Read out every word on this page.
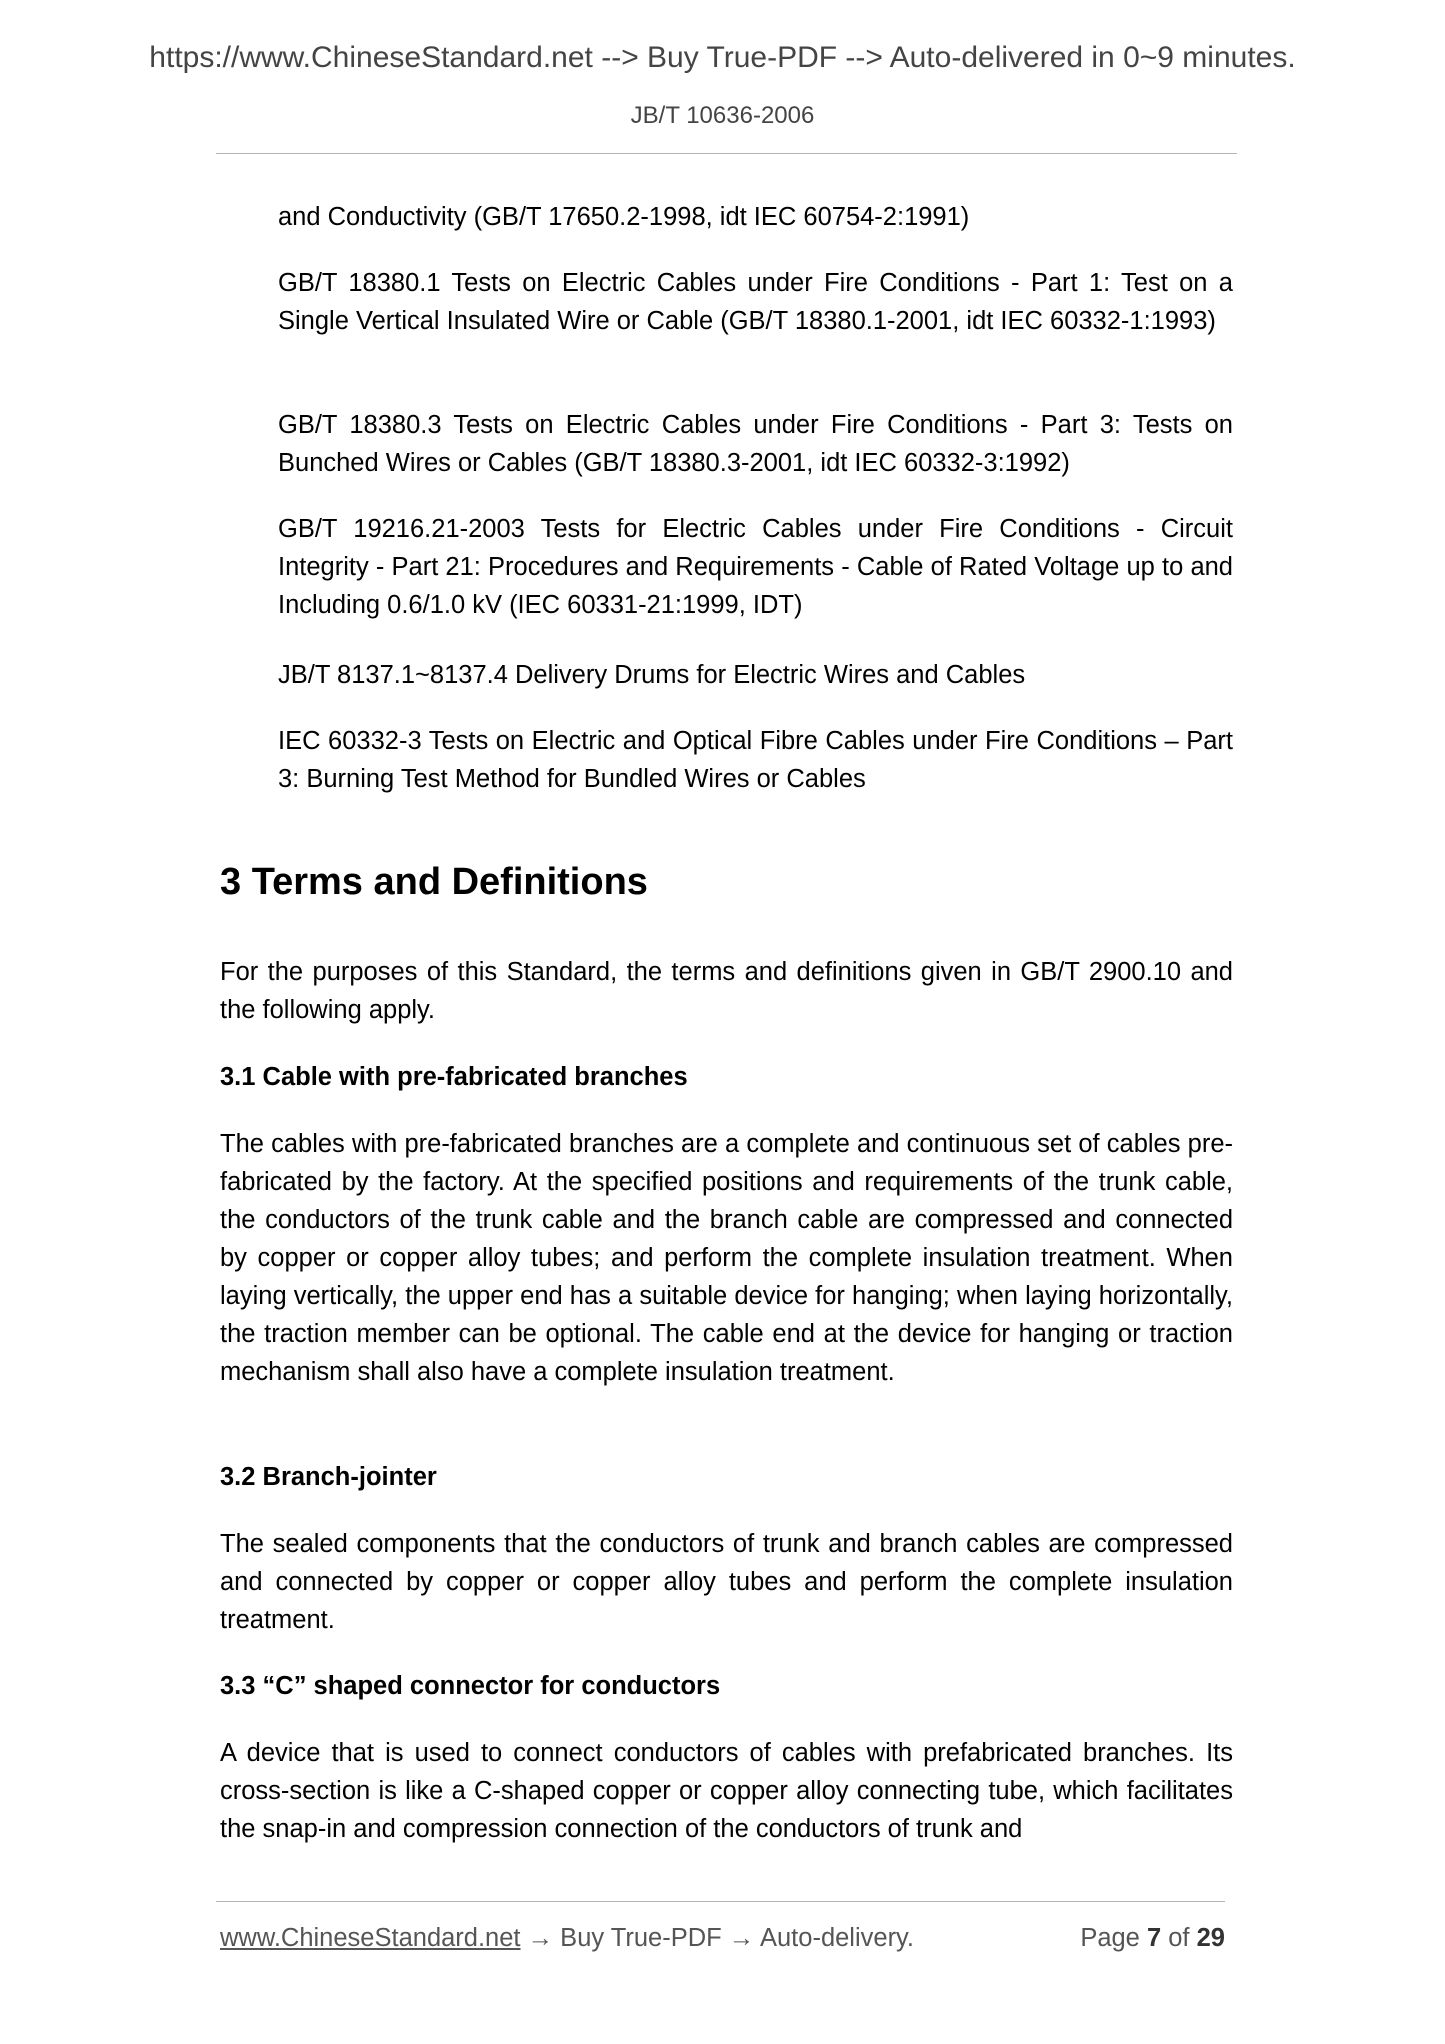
https://www.ChineseStandard.net --> Buy True-PDF --> Auto-delivered in 0~9 minutes.
JB/T 10636-2006

and Conductivity (GB/T 17650.2-1998, idt IEC 60754-2:1991)

GB/T 18380.1 Tests on Electric Cables under Fire Conditions - Part 1: Test on a Single Vertical Insulated Wire or Cable (GB/T 18380.1-2001, idt IEC 60332-1:1993)

GB/T 18380.3 Tests on Electric Cables under Fire Conditions - Part 3: Tests on Bunched Wires or Cables (GB/T 18380.3-2001, idt IEC 60332-3:1992)

GB/T 19216.21-2003 Tests for Electric Cables under Fire Conditions - Circuit Integrity - Part 21: Procedures and Requirements - Cable of Rated Voltage up to and Including 0.6/1.0 kV (IEC 60331-21:1999, IDT)

JB/T 8137.1~8137.4 Delivery Drums for Electric Wires and Cables

IEC 60332-3 Tests on Electric and Optical Fibre Cables under Fire Conditions – Part 3: Burning Test Method for Bundled Wires or Cables

3 Terms and Definitions

For the purposes of this Standard, the terms and definitions given in GB/T 2900.10 and the following apply.

3.1 Cable with pre-fabricated branches

The cables with pre-fabricated branches are a complete and continuous set of cables pre-fabricated by the factory. At the specified positions and requirements of the trunk cable, the conductors of the trunk cable and the branch cable are compressed and connected by copper or copper alloy tubes; and perform the complete insulation treatment. When laying vertically, the upper end has a suitable device for hanging; when laying horizontally, the traction member can be optional. The cable end at the device for hanging or traction mechanism shall also have a complete insulation treatment.

3.2 Branch-jointer

The sealed components that the conductors of trunk and branch cables are compressed and connected by copper or copper alloy tubes and perform the complete insulation treatment.

3.3 “C” shaped connector for conductors

A device that is used to connect conductors of cables with prefabricated branches. Its cross-section is like a C-shaped copper or copper alloy connecting tube, which facilitates the snap-in and compression connection of the conductors of trunk and

www.ChineseStandard.net → Buy True-PDF → Auto-delivery.	Page 7 of 29
